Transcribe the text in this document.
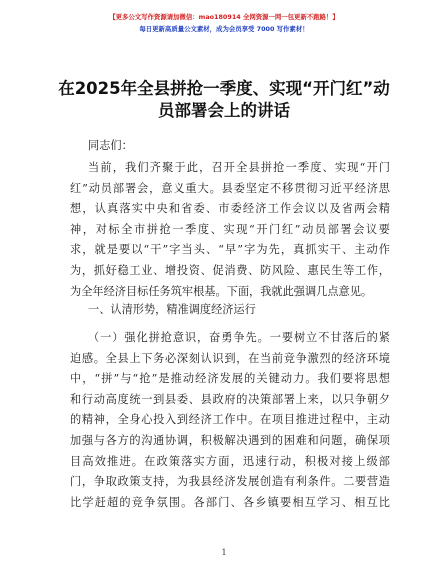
【更多公文写作资源请加微信：mao180914 全网资源一网一包更新不跑路！】
每日更新高质量公文素材，成为会员享受 7000 写作素材！
在2025年全县拼抢一季度、实现“开门红”动
员部署会上的讲话
同志们：
当前，我们齐聚于此，召开全县拼抢一季度、实现“开门
红”动员部署会，意义重大。县委坚定不移贯彻习近平经济思
想，认真落实中央和省委、市委经济工作会议以及省两会精
神，对标全市拼抢一季度、实现“开门红”动员部署会议要
求，就是要以“干”字当头、“早”字为先，真抓实干、主动作
为，抓好稳工业、增投资、促消费、防风险、惠民生等工作，
为全年经济目标任务筑牢根基。下面，我就此强调几点意见。
一、认清形势，精准调度经济运行
（一）强化拼抢意识，奋勇争先。一要树立不甘落后的紧
迫感。全县上下务必深刻认识到，在当前竞争激烈的经济环境
中，“拼”与“抢”是推动经济发展的关键动力。我们要将思想
和行动高度统一到县委、县政府的决策部署上来，以只争朝夕
的精神，全身心投入到经济工作中。在项目推进过程中，主动
加强与各方的沟通协调，积极解决遇到的困难和问题，确保项
目高效推进。在政策落实方面，迅速行动，积极对接上级部
门，争取政策支持，为我县经济发展创造有利条件。二要营造
比学赶超的竞争氛围。各部门、各乡镇要相互学习、相互比
1
